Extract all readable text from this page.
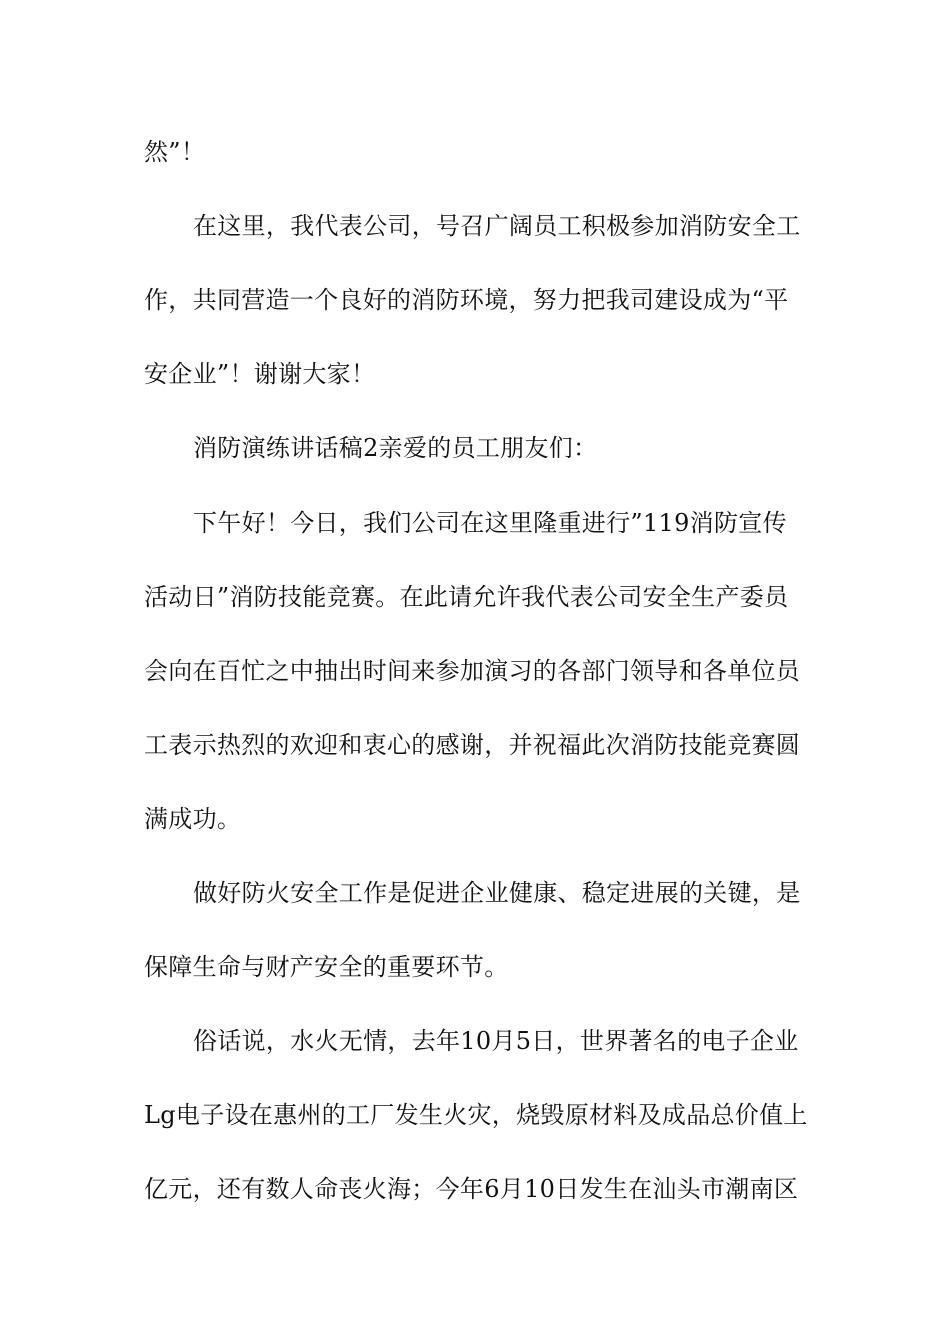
然”！
在这里，我代表公司，号召广阔员工积极参加消防安全工
作，共同营造一个良好的消防环境，努力把我司建设成为“平
安企业”！谢谢大家！
消防演练讲话稿2亲爱的员工朋友们：
下午好！今日，我们公司在这里隆重进行”119消防宣传
活动日”消防技能竞赛。在此请允许我代表公司安全生产委员
会向在百忙之中抽出时间来参加演习的各部门领导和各单位员
工表示热烈的欢迎和衷心的感谢，并祝福此次消防技能竞赛圆
满成功。
做好防火安全工作是促进企业健康、稳定进展的关键，是
保障生命与财产安全的重要环节。
俗话说，水火无情，去年10月5日，世界著名的电子企业
Lg电子设在惠州的工厂发生火灾，烧毁原材料及成品总价值上
亿元，还有数人命丧火海；今年6月10日发生在汕头市潮南区
